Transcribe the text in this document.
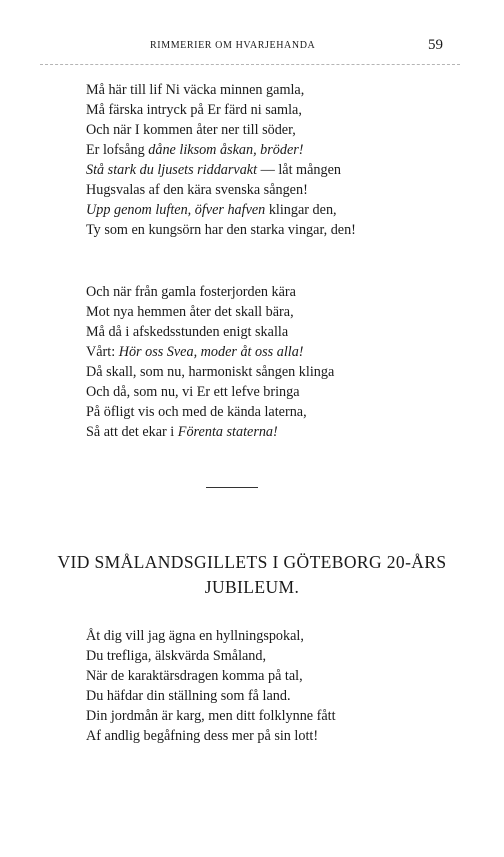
RIMMERIER OM HVARJEHANDA	59
Må här till lif Ni väcka minnen gamla,
Må färska intryck på Er färd ni samla,
Och när I kommen åter ner till söder,
Er lofsång dåne liksom åskan, bröder!
Stå stark du ljusets riddarvakt — låt mången
Hugsvalas af den kära svenska sången!
Upp genom luften, öfver hafven klingar den,
Ty som en kungsörn har den starka vingar, den!
Och när från gamla fosterjorden kära
Mot nya hemmen åter det skall bära,
Må då i afskedsstunden enigt skalla
Vårt: Hör oss Svea, moder åt oss alla!
Då skall, som nu, harmoniskt sången klinga
Och då, som nu, vi Er ett lefve bringa
På öfligt vis och med de kända laterna,
Så att det ekar i Förenta staterna!
VID SMÅLANDSGILLETS I GÖTEBORG 20-ÅRS
JUBILEUM.
Åt dig vill jag ägna en hyllningspokal,
Du trefliga, älskvärda Småland,
När de karaktärsdragen komma på tal,
Du häfdar din ställning som få land.
Din jordmån är karg, men ditt folklynne fått
Af andlig begåfning dess mer på sin lott!
